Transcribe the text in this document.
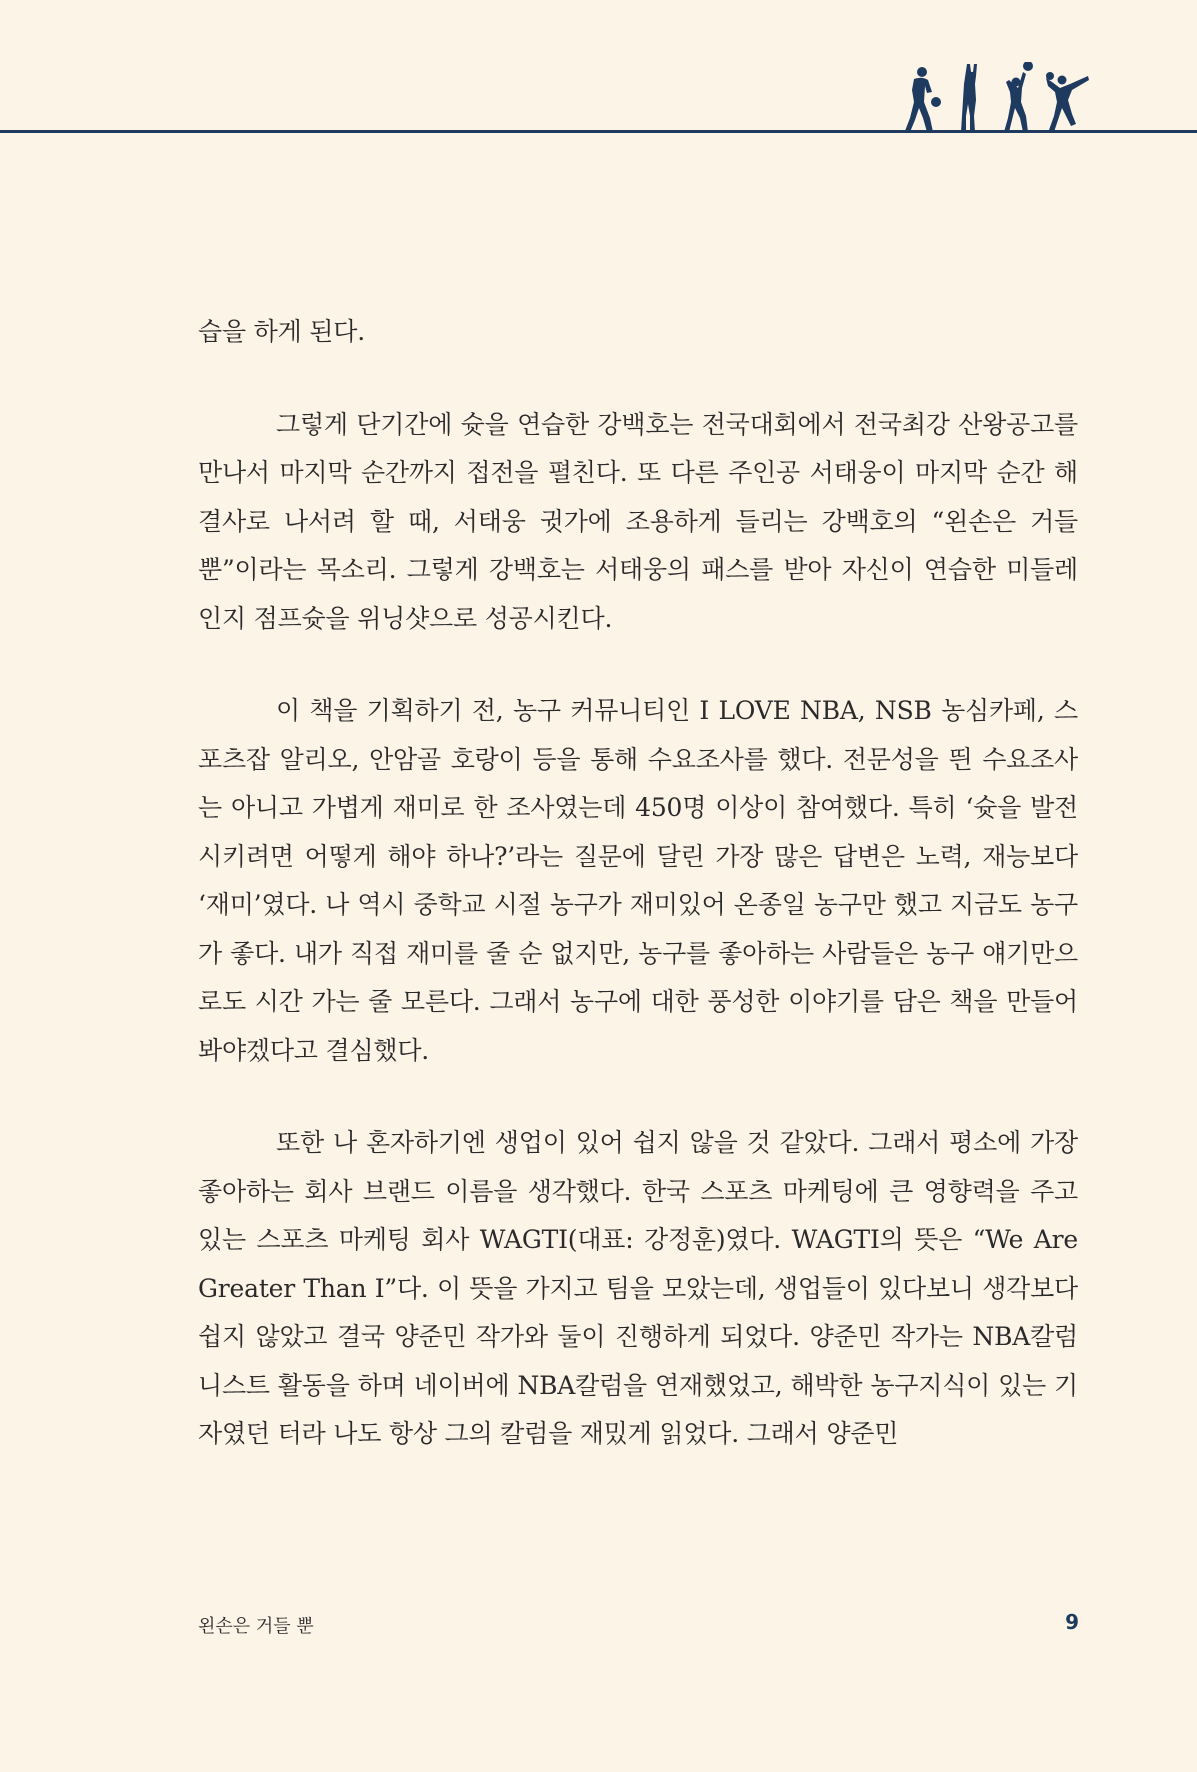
습을 하게 된다.

그렇게 단기간에 슛을 연습한 강백호는 전국대회에서 전국최강 산왕공고를 만나서 마지막 순간까지 접전을 펼친다. 또 다른 주인공 서태웅이 마지막 순간 해결사로 나서려 할 때, 서태웅 귓가에 조용하게 들리는 강백호의 “왼손은 거들 뿐”이라는 목소리. 그렇게 강백호는 서태웅의 패스를 받아 자신이 연습한 미들레인지 점프슛을 위닝샷으로 성공시킨다.

이 책을 기획하기 전, 농구 커뮤니티인 I LOVE NBA, NSB 농심카페, 스포츠잡 알리오, 안암골 호랑이 등을 통해 수요조사를 했다. 전문성을 띈 수요조사는 아니고 가볍게 재미로 한 조사였는데 450명 이상이 참여했다. 특히 ‘슛을 발전시키려면 어떻게 해야 하나?’라는 질문에 달린 가장 많은 답변은 노력, 재능보다 ‘재미’였다. 나 역시 중학교 시절 농구가 재미있어 온종일 농구만 했고 지금도 농구가 좋다. 내가 직접 재미를 줄 순 없지만, 농구를 좋아하는 사람들은 농구 얘기만으로도 시간 가는 줄 모른다. 그래서 농구에 대한 풍성한 이야기를 담은 책을 만들어 봐야겠다고 결심했다.

또한 나 혼자하기엔 생업이 있어 쉽지 않을 것 같았다. 그래서 평소에 가장 좋아하는 회사 브랜드 이름을 생각했다. 한국 스포츠 마케팅에 큰 영향력을 주고 있는 스포츠 마케팅 회사 WAGTI(대표: 강정훈)였다. WAGTI의 뜻은 “We Are Greater Than I”다. 이 뜻을 가지고 팀을 모았는데, 생업들이 있다보니 생각보다 쉽지 않았고 결국 양준민 작가와 둘이 진행하게 되었다. 양준민 작가는 NBA칼럼니스트 활동을 하며 네이버에 NBA칼럼을 연재했었고, 해박한 농구지식이 있는 기자였던 터라 나도 항상 그의 칼럼을 재밌게 읽었다. 그래서 양준민

왼손은 거들 뿐	9
